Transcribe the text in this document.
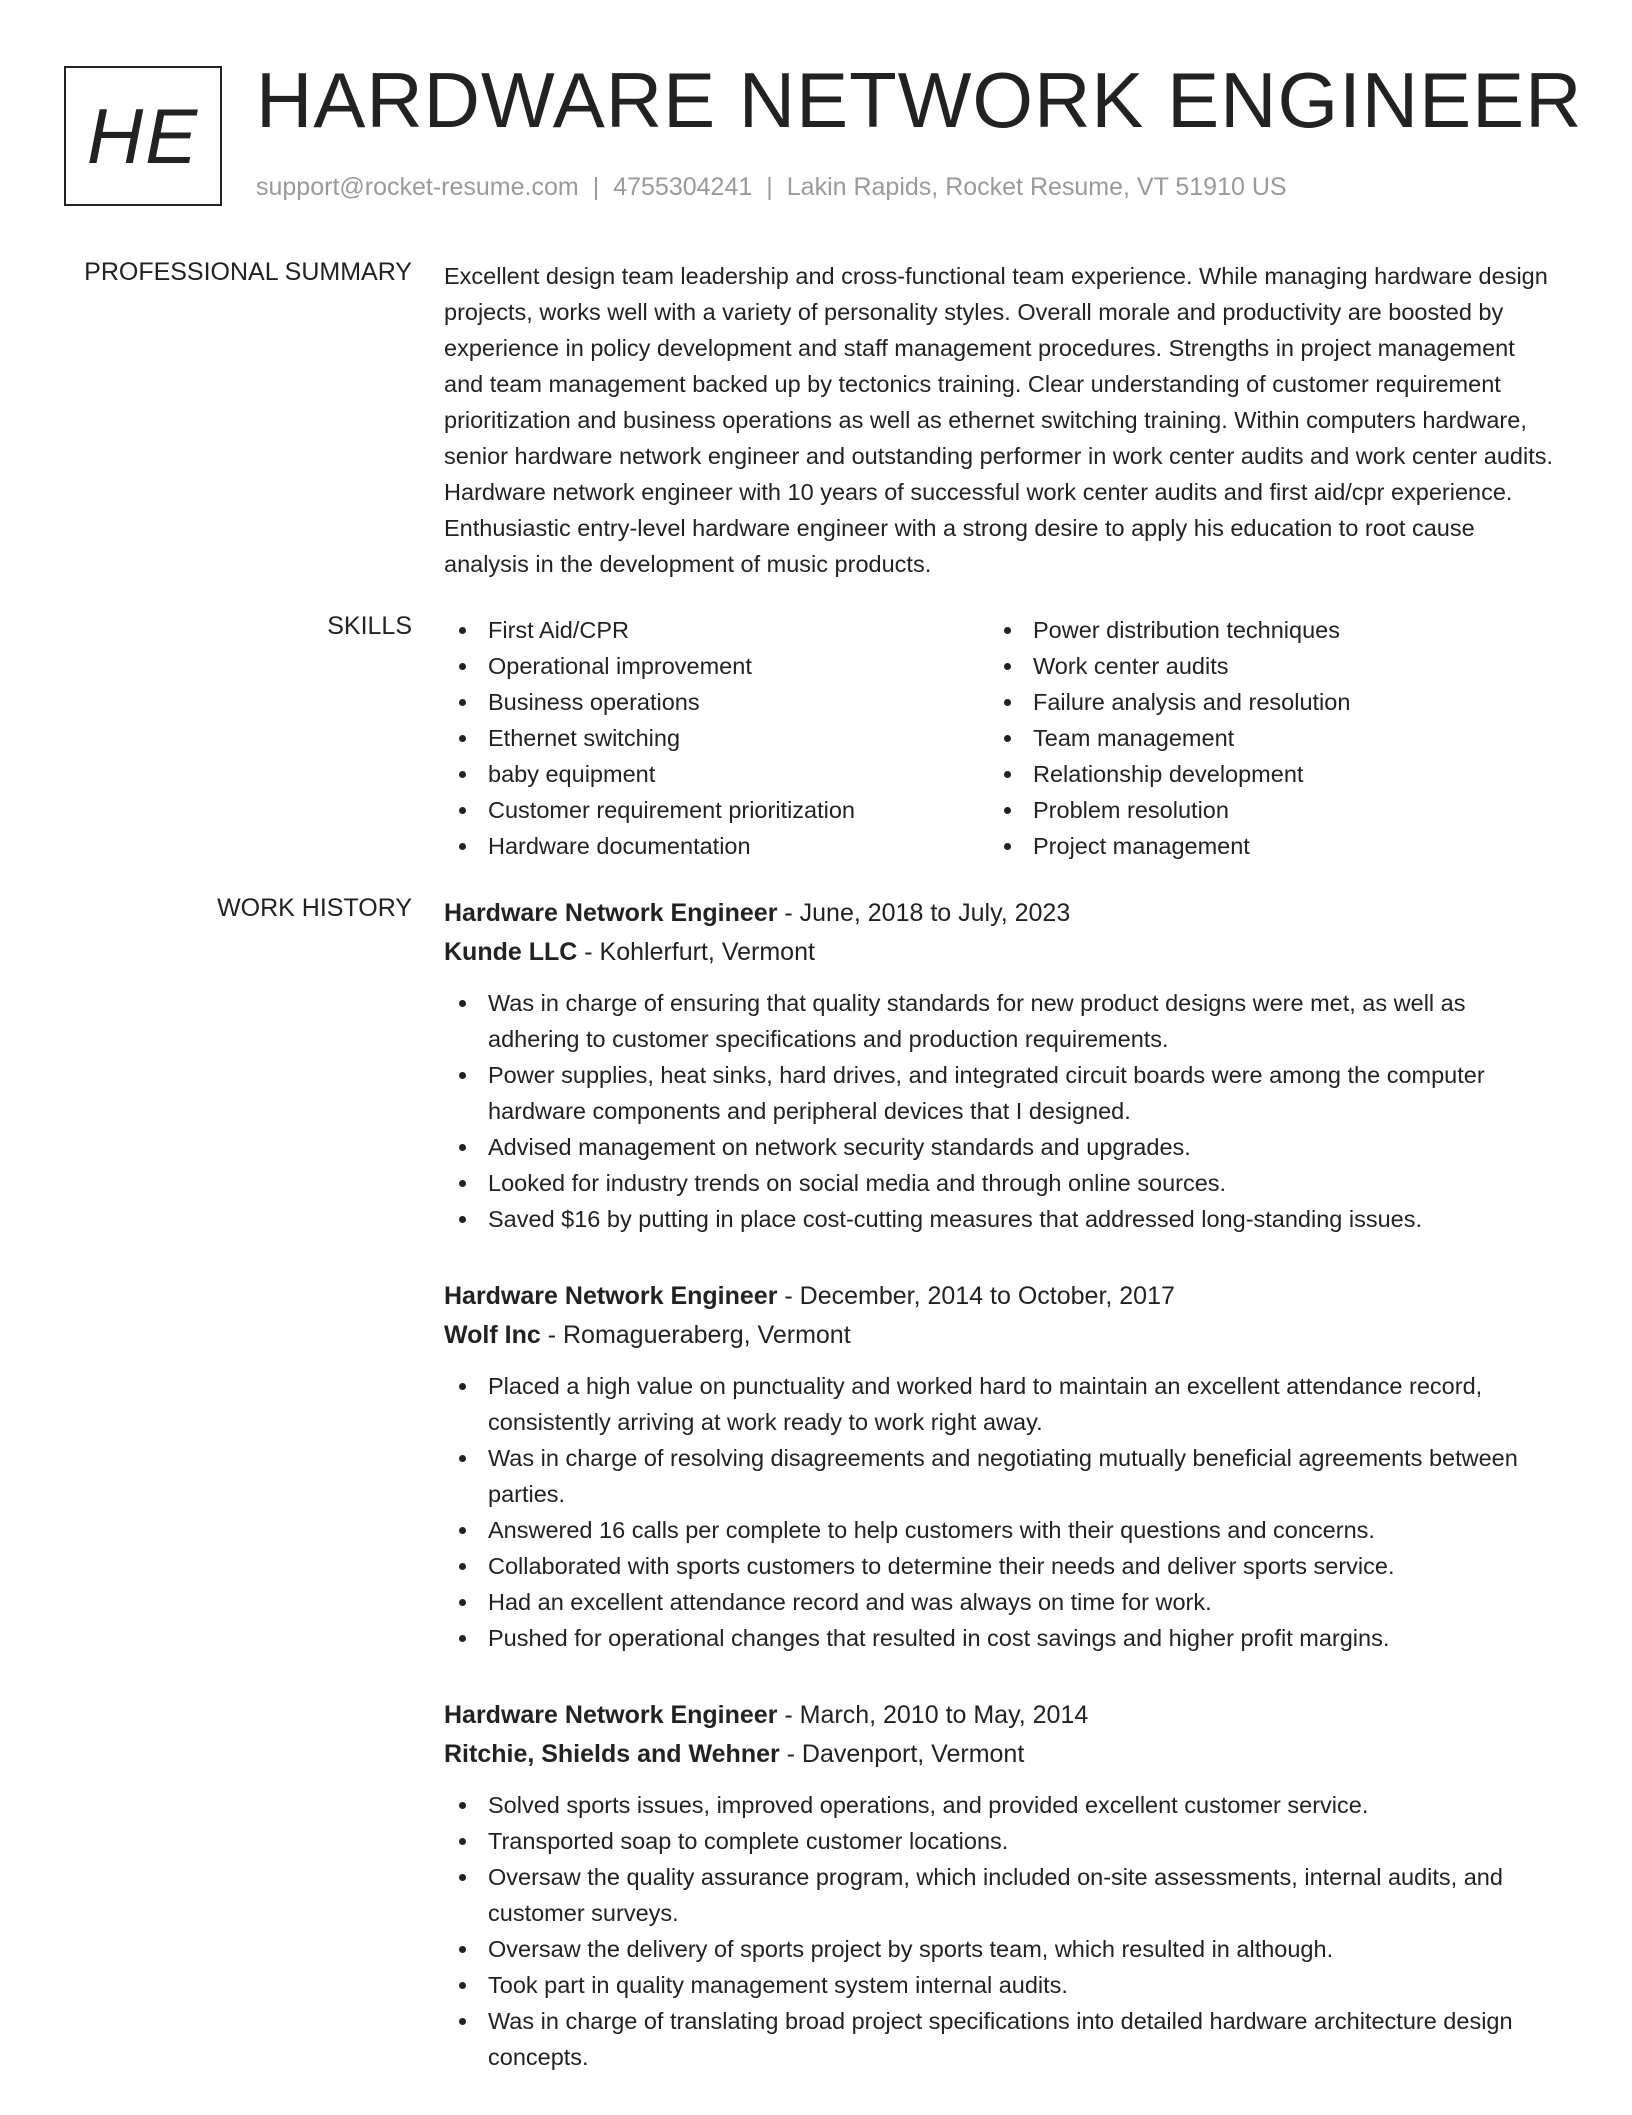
HE HARDWARE NETWORK ENGINEER
support@rocket-resume.com | 4755304241 | Lakin Rapids, Rocket Resume, VT 51910 US
PROFESSIONAL SUMMARY Excellent design team leadership and cross-functional team experience. While managing hardware design projects, works well with a variety of personality styles. Overall morale and productivity are boosted by experience in policy development and staff management procedures. Strengths in project management and team management backed up by tectonics training. Clear understanding of customer requirement prioritization and business operations as well as ethernet switching training. Within computers hardware, senior hardware network engineer and outstanding performer in work center audits and work center audits. Hardware network engineer with 10 years of successful work center audits and first aid/cpr experience. Enthusiastic entry-level hardware engineer with a strong desire to apply his education to root cause analysis in the development of music products.

SKILLS	First Aid/CPR
Operational improvement
Business operations
Ethernet switching
baby equipment
Customer requirement prioritization
Hardware documentation
Power distribution techniques
Work center audits
Failure analysis and resolution
Team management
Relationship development
Problem resolution
Project management
WORK HISTORY Hardware Network Engineer - June, 2018 to July, 2023
Kunde LLC - Kohlerfurt, Vermont
Was in charge of ensuring that quality standards for new product designs were met, as well as adhering to customer specifications and production requirements.
Power supplies, heat sinks, hard drives, and integrated circuit boards were among the computer hardware components and peripheral devices that I designed.
Advised management on network security standards and upgrades.
Looked for industry trends on social media and through online sources.
Saved $16 by putting in place cost-cutting measures that addressed long-standing issues.
Hardware Network Engineer - December, 2014 to October, 2017
Wolf Inc - Romagueraberg, Vermont
Placed a high value on punctuality and worked hard to maintain an excellent attendance record, consistently arriving at work ready to work right away.
Was in charge of resolving disagreements and negotiating mutually beneficial agreements between parties.
Answered 16 calls per complete to help customers with their questions and concerns.
Collaborated with sports customers to determine their needs and deliver sports service.
Had an excellent attendance record and was always on time for work.
Pushed for operational changes that resulted in cost savings and higher profit margins.
Hardware Network Engineer - March, 2010 to May, 2014
Ritchie, Shields and Wehner - Davenport, Vermont
Solved sports issues, improved operations, and provided excellent customer service.
Transported soap to complete customer locations.
Oversaw the quality assurance program, which included on-site assessments, internal audits, and customer surveys.
Oversaw the delivery of sports project by sports team, which resulted in although.
Took part in quality management system internal audits.
Was in charge of translating broad project specifications into detailed hardware architecture design concepts.
